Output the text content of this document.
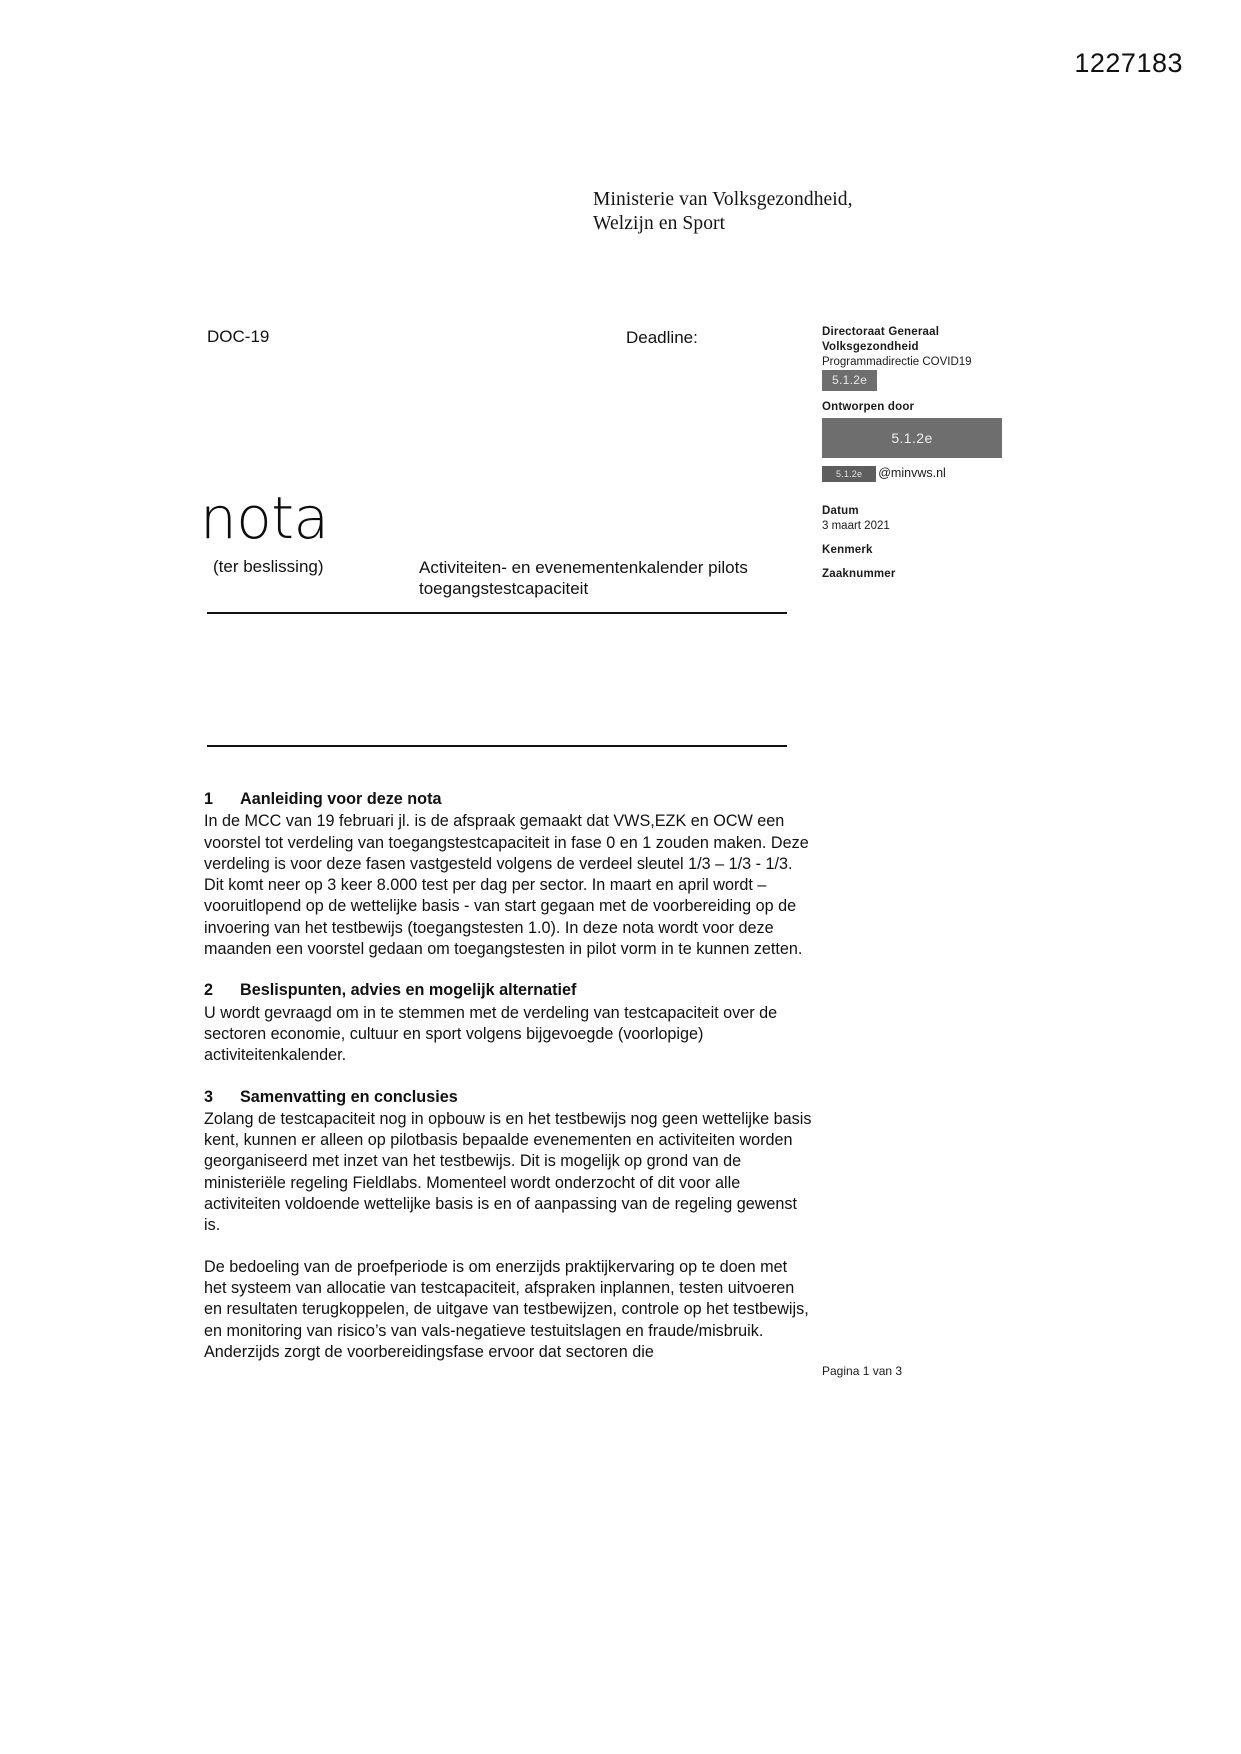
1227183
Ministerie van Volksgezondheid,
Welzijn en Sport
DOC-19	Deadline:	Directoraat Generaal
Volksgezondheid
Programmadirectie COVID19
5.1.2e
Ontworpen door
5.1.2e
5.1.2e @minvws.nl
Datum
3 maart 2021
Kenmerk
Zaaknummer
nota
(ter beslissing)	Activiteiten- en evenementenkalender pilots toegangstestcapaciteit
1 Aanleiding voor deze nota

In de MCC van 19 februari jl. is de afspraak gemaakt dat VWS,EZK en OCW een voorstel tot verdeling van toegangstestcapaciteit in fase 0 en 1 zouden maken. Deze verdeling is voor deze fasen vastgesteld volgens de verdeel sleutel 1/3 – 1/3 - 1/3. Dit komt neer op 3 keer 8.000 test per dag per sector. In maart en april wordt –vooruitlopend op de wettelijke basis - van start gegaan met de voorbereiding op de invoering van het testbewijs (toegangstesten 1.0). In deze nota wordt voor deze maanden een voorstel gedaan om toegangstesten in pilot vorm in te kunnen zetten.

2 Beslispunten, advies en mogelijk alternatief

U wordt gevraagd om in te stemmen met de verdeling van testcapaciteit over de sectoren economie, cultuur en sport volgens bijgevoegde (voorlopige) activiteitenkalender.

3 Samenvatting en conclusies

Zolang de testcapaciteit nog in opbouw is en het testbewijs nog geen wettelijke basis kent, kunnen er alleen op pilotbasis bepaalde evenementen en activiteiten worden georganiseerd met inzet van het testbewijs. Dit is mogelijk op grond van de ministeriële regeling Fieldlabs. Momenteel wordt onderzocht of dit voor alle activiteiten voldoende wettelijke basis is en of aanpassing van de regeling gewenst is.

De bedoeling van de proefperiode is om enerzijds praktijkervaring op te doen met het systeem van allocatie van testcapaciteit, afspraken inplannen, testen uitvoeren en resultaten terugkoppelen, de uitgave van testbewijzen, controle op het testbewijs, en monitoring van risico’s van vals-negatieve testuitslagen en fraude/misbruik. Anderzijds zorgt de voorbereidingsfase ervoor dat sectoren die

Pagina 1 van 3
